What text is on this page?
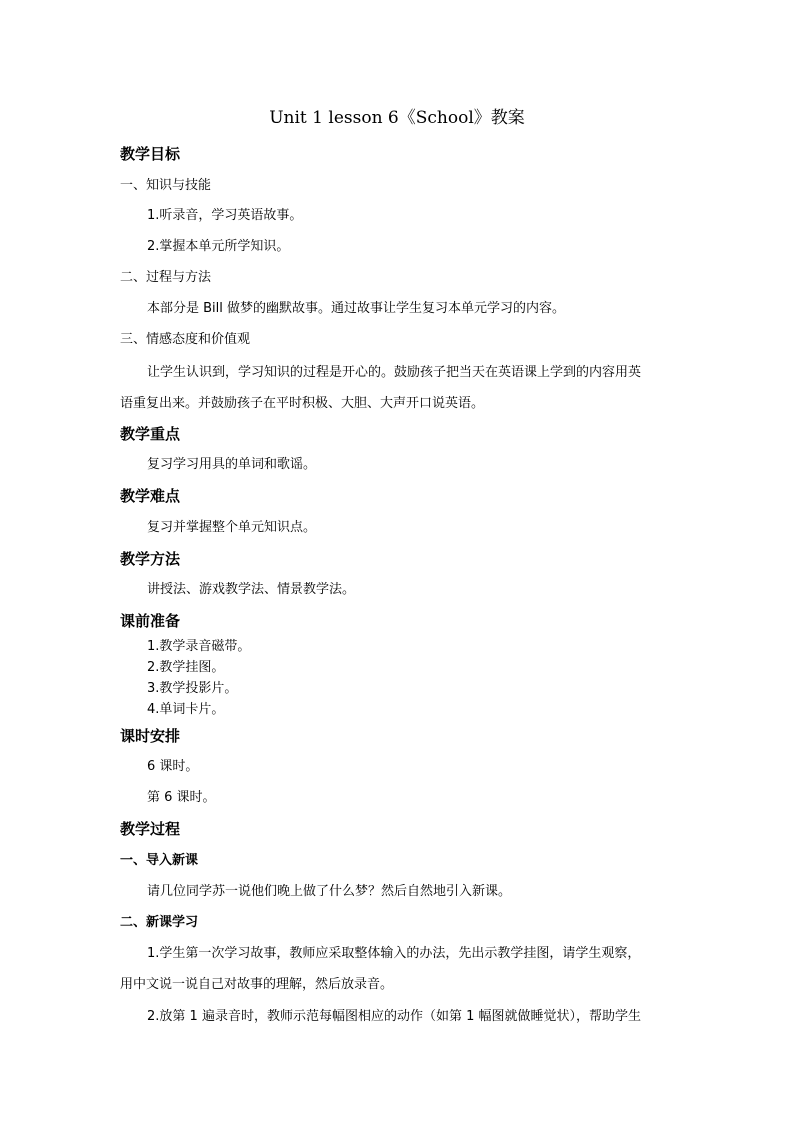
Unit 1 lesson 6《School》教案
教学目标
一、知识与技能
1.听录音，学习英语故事。
2.掌握本单元所学知识。
二、过程与方法
本部分是 Bill 做梦的幽默故事。通过故事让学生复习本单元学习的内容。
三、情感态度和价值观
让学生认识到，学习知识的过程是开心的。鼓励孩子把当天在英语课上学到的内容用英
语重复出来。并鼓励孩子在平时积极、大胆、大声开口说英语。
教学重点
复习学习用具的单词和歌谣。
教学难点
复习并掌握整个单元知识点。
教学方法
讲授法、游戏教学法、情景教学法。
课前准备
1.教学录音磁带。
2.教学挂图。
3.教学投影片。
4.单词卡片。
课时安排
6 课时。
第 6 课时。
教学过程
一、导入新课
请几位同学苏一说他们晚上做了什么梦？然后自然地引入新课。
二、新课学习
1.学生第一次学习故事，教师应采取整体输入的办法，先出示教学挂图，请学生观察，
用中文说一说自己对故事的理解，然后放录音。
2.放第 1 遍录音时，教师示范每幅图相应的动作（如第 1 幅图就做睡觉状），帮助学生
